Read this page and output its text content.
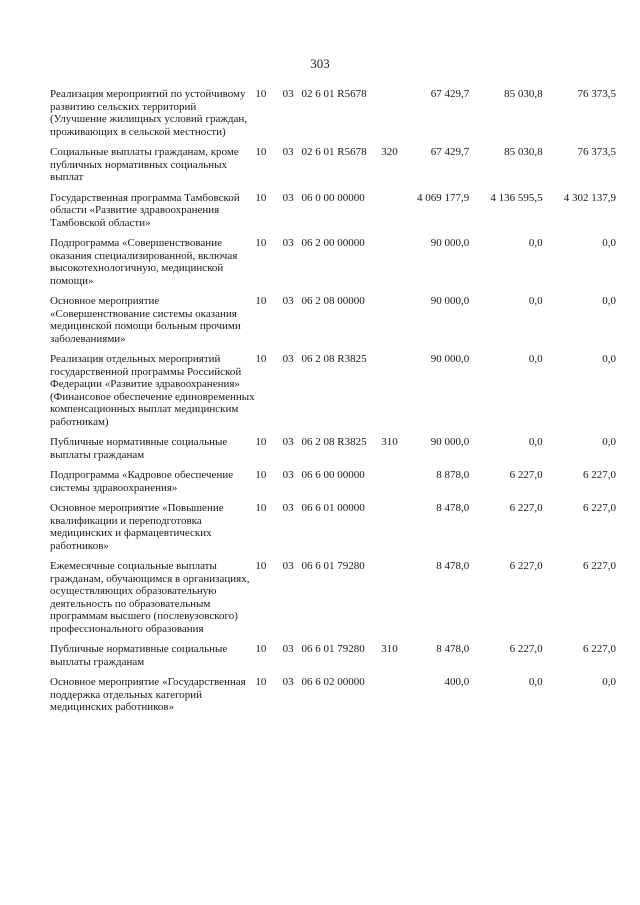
303
Реализация мероприятий по устойчивому развитию сельских территорий (Улучшение жилищных условий граждан, проживающих в сельской местности)	10	03	02 6 01 R5678		67 429,7	85 030,8	76 373,5

Социальные выплаты гражданам, кроме публичных нормативных социальных выплат	10	03	02 6 01 R5678	320	67 429,7	85 030,8	76 373,5

Государственная программа Тамбовской области «Развитие здравоохранения Тамбовской области»	10	03	06 0 00 00000		4 069 177,9	4 136 595,5	4 302 137,9

Подпрограмма «Совершенствование оказания специализированной, включая высокотехнологичную, медицинской помощи»	10	03	06 2 00 00000		90 000,0	0,0	0,0

Основное мероприятие «Совершенствование системы оказания медицинской помощи больным прочими заболеваниями»	10	03	06 2 08 00000		90 000,0	0,0	0,0

Реализация отдельных мероприятий государственной программы Российской Федерации «Развитие здравоохранения» (Финансовое обеспечение единовременных компенсационных выплат медицинским работникам)	10	03	06 2 08 R3825		90 000,0	0,0	0,0

Публичные нормативные социальные выплаты гражданам	10	03	06 2 08 R3825	310	90 000,0	0,0	0,0

Подпрограмма «Кадровое обеспечение системы здравоохранения»	10	03	06 6 00 00000		8 878,0	6 227,0	6 227,0

Основное мероприятие «Повышение квалификации и переподготовка медицинских и фармацевтических работников»	10	03	06 6 01 00000		8 478,0	6 227,0	6 227,0

Ежемесячные социальные выплаты гражданам, обучающимся в организациях, осуществляющих образовательную деятельность по образовательным программам высшего (послевузовского) профессионального образования	10	03	06 6 01 79280		8 478,0	6 227,0	6 227,0

Публичные нормативные социальные выплаты гражданам	10	03	06 6 01 79280	310	8 478,0	6 227,0	6 227,0

Основное мероприятие «Государственная поддержка отдельных категорий медицинских работников»	10	03	06 6 02 00000		400,0	0,0	0,0
